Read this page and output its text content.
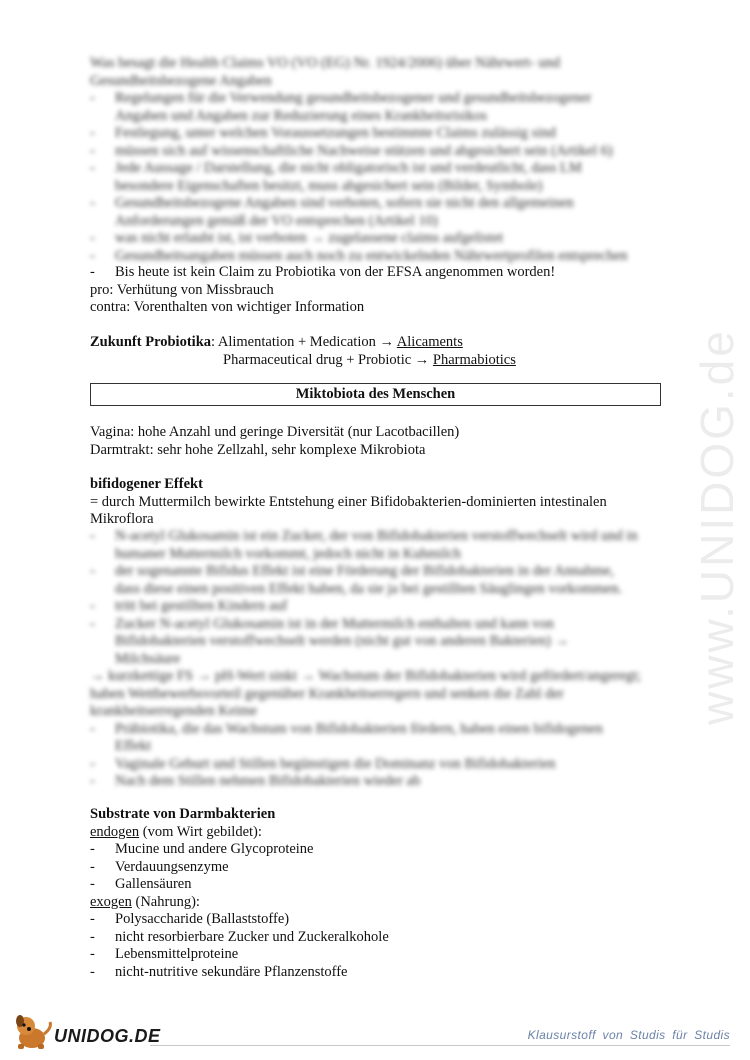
www.UNIDOG.de
Was besagt die Health Claims VO (VO (EG) Nr. 1924/2006) über Nährwert- und
Gesundheitsbezogene Angaben
- Regelungen für die Verwendung gesundheitsbezogener und gesundheitsbezogener
Angaben und Angaben zur Reduzierung eines Krankheitsrisikos
- Festlegung, unter welchen Voraussetzungen bestimmte Claims zulässig sind
- müssen sich auf wissenschaftliche Nachweise stützen und abgesichert sein (Artikel 6)
- Jede Aussage / Darstellung, die nicht obligatorisch ist und verdeutlicht, dass LM
besondere Eigenschaften besitzt, muss abgesichert sein (Bilder, Symbole)
- Gesundheitsbezogene Angaben sind verboten, sofern sie nicht den allgemeinen
Anforderungen gemäß der VO entsprechen (Artikel 10)
- was nicht erlaubt ist, ist verboten → zugelassene claims aufgelistet
- Gesundheitsangaben müssen auch noch zu entwickelnden Nährwertprofilen entsprechen
- Bis heute ist kein Claim zu Probiotika von der EFSA angenommen worden!
pro: Verhütung von Missbrauch
contra: Vorenthalten von wichtiger Information
Zukunft Probiotika: Alimentation + Medication → Alicaments
Pharmaceutical drug + Probiotic → Pharmabiotics
Miktobiota des Menschen
Vagina: hohe Anzahl und geringe Diversität (nur Lacotbacillen)
Darmtrakt: sehr hohe Zellzahl, sehr komplexe Mikrobiota
bifidogener Effekt
= durch Muttermilch bewirkte Entstehung einer Bifidobakterien-dominierten intestinalen
Mikroflora
- N-acetyl Glukosamin ist ein Zucker, der von Bifidobakterien verstoffwechselt wird und in
humaner Muttermilch vorkommt, jedoch nicht in Kuhmilch
- der sogenannte Bifidus Effekt ist eine Förderung der Bifidobakterien in der Annahme,
dass diese einen positiven Effekt haben, da sie ja bei gestillten Säuglingen vorkommen.
- tritt bei gestillten Kindern auf
- Zucker N-acetyl Glukosamin ist in der Muttermilch enthalten und kann von
Bifidobakterien verstoffwechselt werden (nicht gut von anderen Bakterien) →
Milchsäure
→ kurzkettige FS → pH-Wert sinkt → Wachstum der Bifidobakterien wird gefördert/angeregt;
haben Wettbewerbsvorteil gegenüber Krankheitserregern und senken die Zahl der
krankheitserregenden Keime
- Präbiotika, die das Wachstum von Bifidobakterien fördern, haben einen bifidogenen
Effekt
- Vaginale Geburt und Stillen begünstigen die Dominanz von Bifidobakterien
- Nach dem Stillen nehmen Bifidobakterien wieder ab
Substrate von Darmbakterien
endogen (vom Wirt gebildet):
- Mucine und andere Glycoproteine
- Verdauungsenzyme
- Gallensäuren
exogen (Nahrung):
- Polysaccharide (Ballaststoffe)
- nicht resorbierbare Zucker und Zuckeralkohole
- Lebensmittelproteine
- nicht-nutritive sekundäre Pflanzenstoffe
UNIDOG.DE	Klausurstoff von Studis für Studis
